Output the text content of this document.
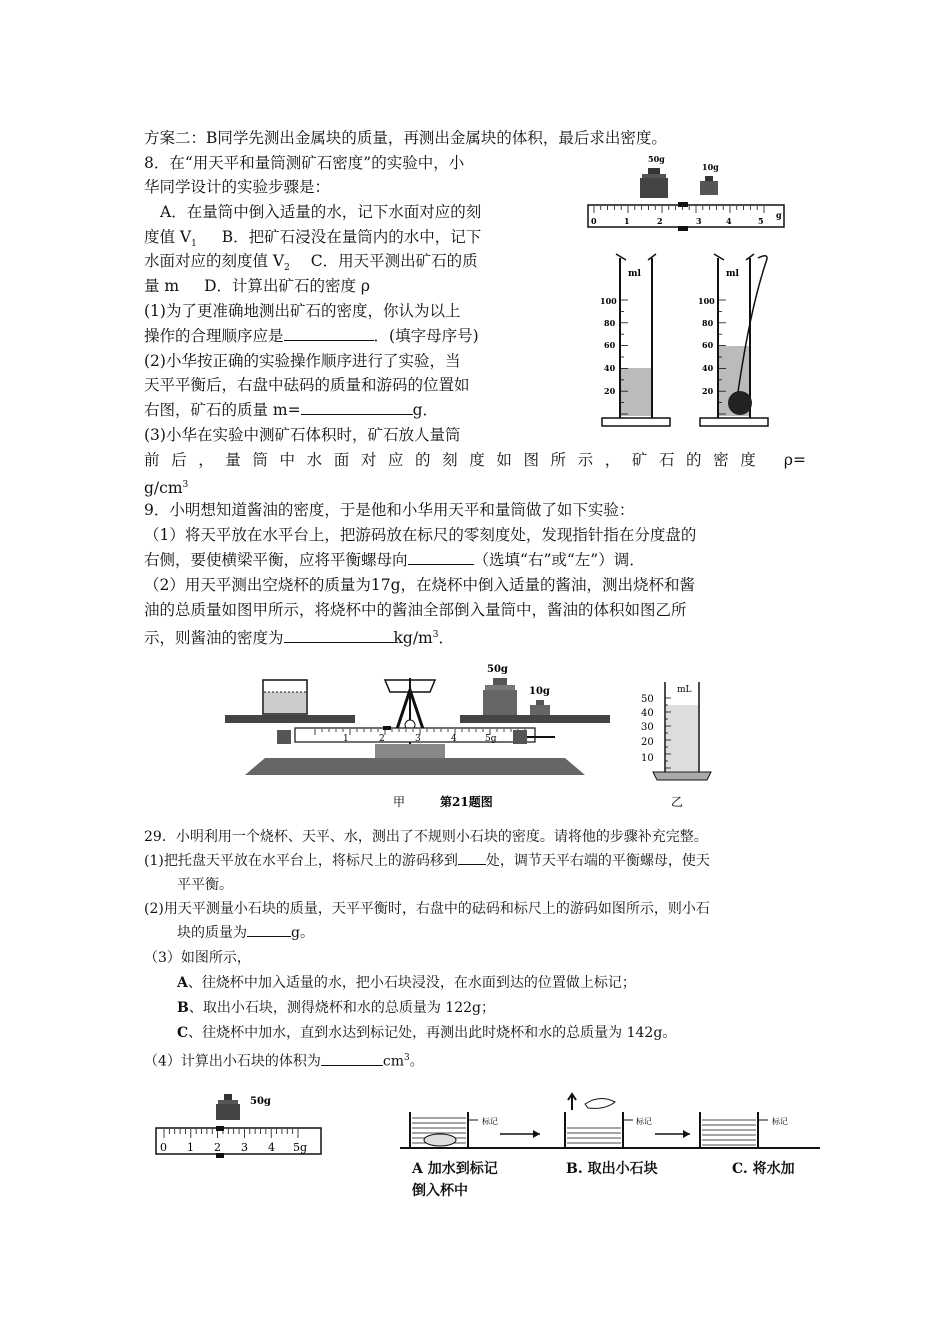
方案二：B同学先测出金属块的质量，再测出金属块的体积，最后求出密度。
8．在“用天平和量筒测矿石密度”的实验中，小
华同学设计的实验步骤是：
A．在量筒中倒入适量的水，记下水面对应的刻
度值 $V_1$ B．把矿石浸没在量筒内的水中，记下
水面对应的刻度值 $V_2$ C．用天平测出矿石的质
量 m D．计算出矿石的密度 ρ
(1)为了更准确地测出矿石的密度，你认为以上
操作的合理顺序应是	．(填字母序号)
(2)小华按正确的实验操作顺序进行了实验，当
天平平衡后，右盘中砝码的质量和游码的位置如
右图，矿石的质量 m=	g．
(3)小华在实验中测矿石体积时，矿石放人量筒
前后，量筒中水面对应的刻度如图所示，矿石的密度 ρ=
$g/cm^3$
50g
10g
0	1	2	3	4	5
g
ml
100
80
60
40
20
ml
100
80
60
40
20
9．小明想知道酱油的密度，于是他和小华用天平和量筒做了如下实验：
（1）将天平放在水平台上，把游码放在标尺的零刻度处，发现指针指在分度盘的
右侧，要使横梁平衡，应将平衡螺母向	（选填“右”或“左”）调．
（2）用天平测出空烧杯的质量为17g，在烧杯中倒入适量的酱油，测出烧杯和酱
油的总质量如图甲所示，将烧杯中的酱油全部倒入量筒中，酱油的体积如图乙所
示，则酱油的密度为	$kg/m^3$．
50g
10g
1	2	3	4	5g
mL
50
40
30
20
10
甲	第21题图	乙
29．小明利用一个烧杯、天平、水，测出了不规则小石块的密度。请将他的步骤补充完整。
(1)把托盘天平放在水平台上，将标尺上的游码移到 处，调节天平右端的平衡螺母，使天
平平衡。
(2)用天平测量小石块的质量，天平平衡时，右盘中的砝码和标尺上的游码如图所示，则小石
块的质量为	g。
（3）如图所示，
A、往烧杯中加入适量的水，把小石块浸没，在水面到达的位置做上标记；
B、取出小石块，测得烧杯和水的总质量为 122g；
C、往烧杯中加水，直到水达到标记处，再测出此时烧杯和水的总质量为 142g。
（4）计算出小石块的体积为	$cm^3$。
50g
0 1 2 3 4 5g
标记	标记	标记
A 加水到标记
倒入杯中
B. 取出小石块	C. 将水加
